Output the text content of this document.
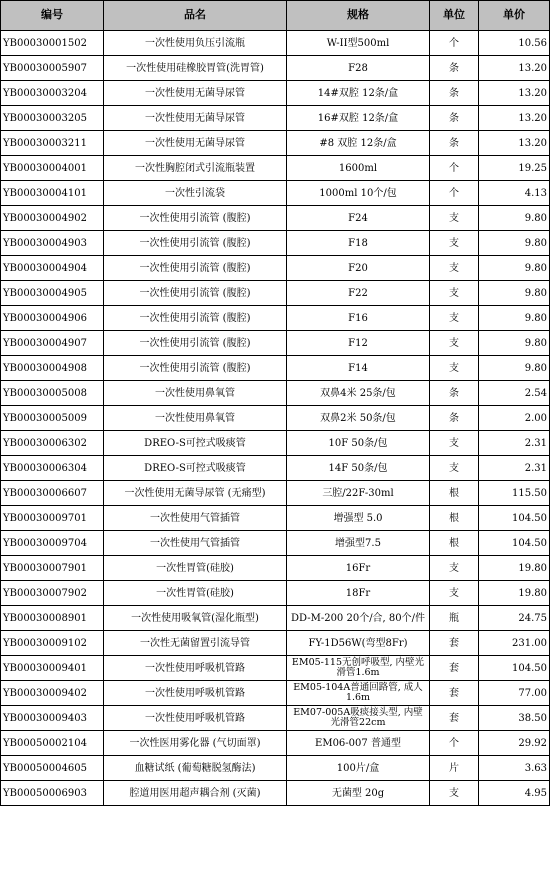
编号	品名	规格	单位	单价
YB00030001502	一次性使用负压引流瓶	W-II型500ml	个	10.56
YB00030005907	一次性使用硅橡胶胃管(洗胃管)	F28	条	13.20
YB00030003204	一次性使用无菌导尿管	14#双腔 12条/盒	条	13.20
YB00030003205	一次性使用无菌导尿管	16#双腔 12条/盒	条	13.20
YB00030003211	一次性使用无菌导尿管	#8 双腔 12条/盒	条	13.20
YB00030004001	一次性胸腔闭式引流瓶装置	1600ml	个	19.25
YB00030004101	一次性引流袋	1000ml 10个/包	个	4.13
YB00030004902	一次性使用引流管 (腹腔)	F24	支	9.80
YB00030004903	一次性使用引流管 (腹腔)	F18	支	9.80
YB00030004904	一次性使用引流管 (腹腔)	F20	支	9.80
YB00030004905	一次性使用引流管 (腹腔)	F22	支	9.80
YB00030004906	一次性使用引流管 (腹腔)	F16	支	9.80
YB00030004907	一次性使用引流管 (腹腔)	F12	支	9.80
YB00030004908	一次性使用引流管 (腹腔)	F14	支	9.80
YB00030005008	一次性使用鼻氧管	双鼻4米 25条/包	条	2.54
YB00030005009	一次性使用鼻氧管	双鼻2米 50条/包	条	2.00
YB00030006302	DREO-S可控式吸痰管	10F 50条/包	支	2.31
YB00030006304	DREO-S可控式吸痰管	14F 50条/包	支	2.31
YB00030006607	一次性使用无菌导尿管 (无痛型)	三腔/22F-30ml	根	115.50
YB00030009701	一次性使用气管插管	增强型 5.0	根	104.50
YB00030009704	一次性使用气管插管	增强型7.5	根	104.50
YB00030007901	一次性胃管(硅胶)	16Fr	支	19.80
YB00030007902	一次性胃管(硅胶)	18Fr	支	19.80
YB00030008901	一次性使用吸氧管(湿化瓶型)	DD-M-200 20个/合, 80个/件	瓶	24.75
YB00030009102	一次性无菌留置引流导管	FY-1D56W(弯型8Fr)	套	231.00
YB00030009401	一次性使用呼吸机管路	EM05-115无创呼吸型, 内壁光滑管1.6m	套	104.50
YB00030009402	一次性使用呼吸机管路	EM05-104A普通回路管, 成人1.6m	套	77.00
YB00030009403	一次性使用呼吸机管路	EM07-005A吸痰接头型, 内壁光滑管22cm	套	38.50
YB00050002104	一次性医用雾化器 (气切面罩)	EM06-007 普通型	个	29.92
YB00050004605	血糖试纸 (葡萄糖脱氢酶法)	100片/盒	片	3.63
YB00050006903	腔道用医用超声耦合剂 (灭菌)	无菌型 20g	支	4.95
